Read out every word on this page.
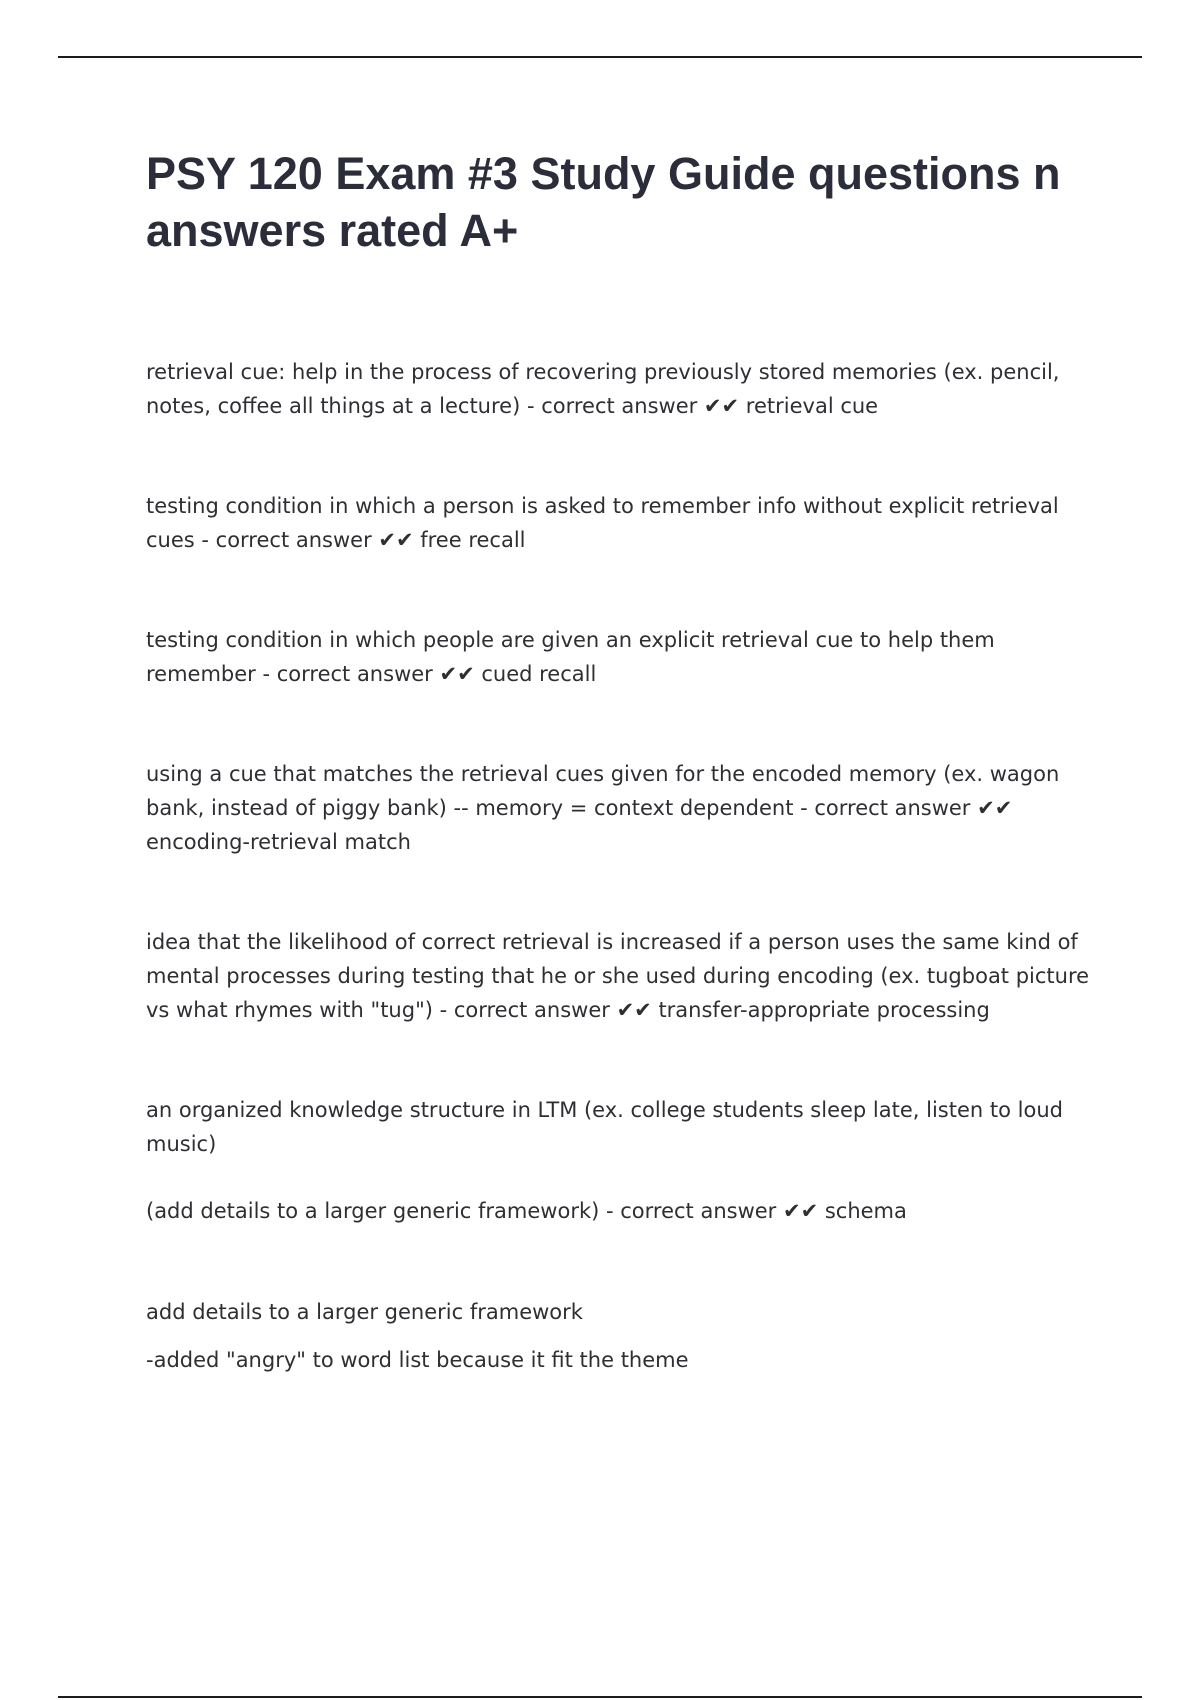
PSY 120 Exam #3 Study Guide questions n answers rated A+

retrieval cue: help in the process of recovering previously stored memories (ex. pencil, notes, coffee all things at a lecture) - correct answer ✔✔ retrieval cue

testing condition in which a person is asked to remember info without explicit retrieval cues - correct answer ✔✔ free recall

testing condition in which people are given an explicit retrieval cue to help them remember - correct answer ✔✔ cued recall

using a cue that matches the retrieval cues given for the encoded memory (ex. wagon bank, instead of piggy bank) -- memory = context dependent - correct answer ✔✔ encoding-retrieval match

idea that the likelihood of correct retrieval is increased if a person uses the same kind of mental processes during testing that he or she used during encoding (ex. tugboat picture vs what rhymes with "tug") - correct answer ✔✔ transfer-appropriate processing

an organized knowledge structure in LTM (ex. college students sleep late, listen to loud music)

(add details to a larger generic framework) - correct answer ✔✔ schema

add details to a larger generic framework

-added "angry" to word list because it fit the theme
